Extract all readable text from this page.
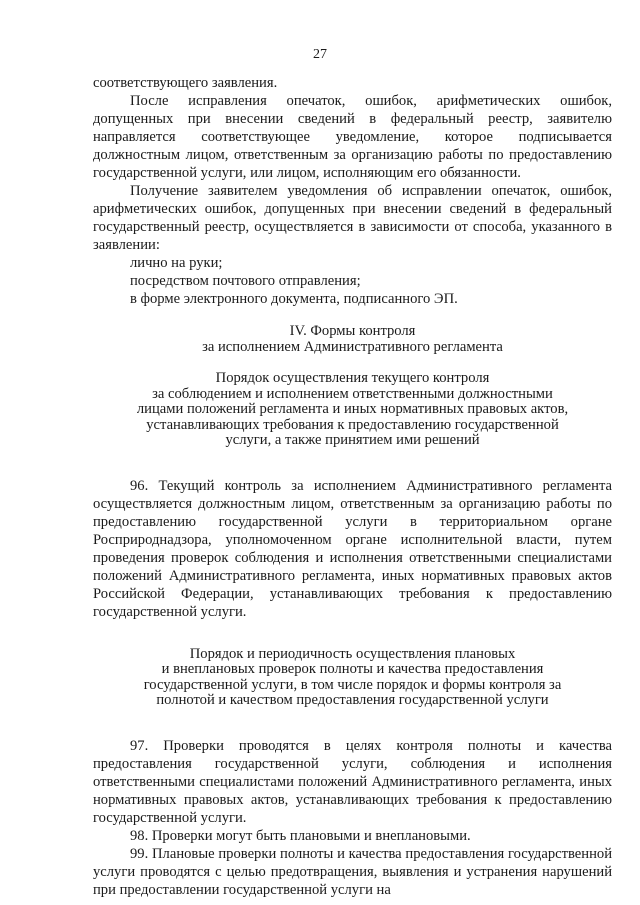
27

соответствующего заявления.

После исправления опечаток, ошибок, арифметических ошибок, допущенных при внесении сведений в федеральный реестр, заявителю направляется соответствующее уведомление, которое подписывается должностным лицом, ответственным за организацию работы по предоставлению государственной услуги, или лицом, исполняющим его обязанности.

Получение заявителем уведомления об исправлении опечаток, ошибок, арифметических ошибок, допущенных при внесении сведений в федеральный государственный реестр, осуществляется в зависимости от способа, указанного в заявлении:

лично на руки;

посредством почтового отправления;

в форме электронного документа, подписанного ЭП.

IV. Формы контроля
за исполнением Административного регламента
Порядок осуществления текущего контроля
за соблюдением и исполнением ответственными должностными
лицами положений регламента и иных нормативных правовых актов,
устанавливающих требования к предоставлению государственной
услуги, а также принятием ими решений

96. Текущий контроль за исполнением Административного регламента осуществляется должностным лицом, ответственным за организацию работы по предоставлению государственной услуги в территориальном органе Росприроднадзора, уполномоченном органе исполнительной власти, путем проведения проверок соблюдения и исполнения ответственными специалистами положений Административного регламента, иных нормативных правовых актов Российской Федерации, устанавливающих требования к предоставлению государственной услуги.

Порядок и периодичность осуществления плановых
и внеплановых проверок полноты и качества предоставления
государственной услуги, в том числе порядок и формы контроля за
полнотой и качеством предоставления государственной услуги

97. Проверки проводятся в целях контроля полноты и качества предоставления государственной услуги, соблюдения и исполнения ответственными специалистами положений Административного регламента, иных нормативных правовых актов, устанавливающих требования к предоставлению государственной услуги.

98. Проверки могут быть плановыми и внеплановыми.

99. Плановые проверки полноты и качества предоставления государственной услуги проводятся с целью предотвращения, выявления и устранения нарушений при предоставлении государственной услуги на
